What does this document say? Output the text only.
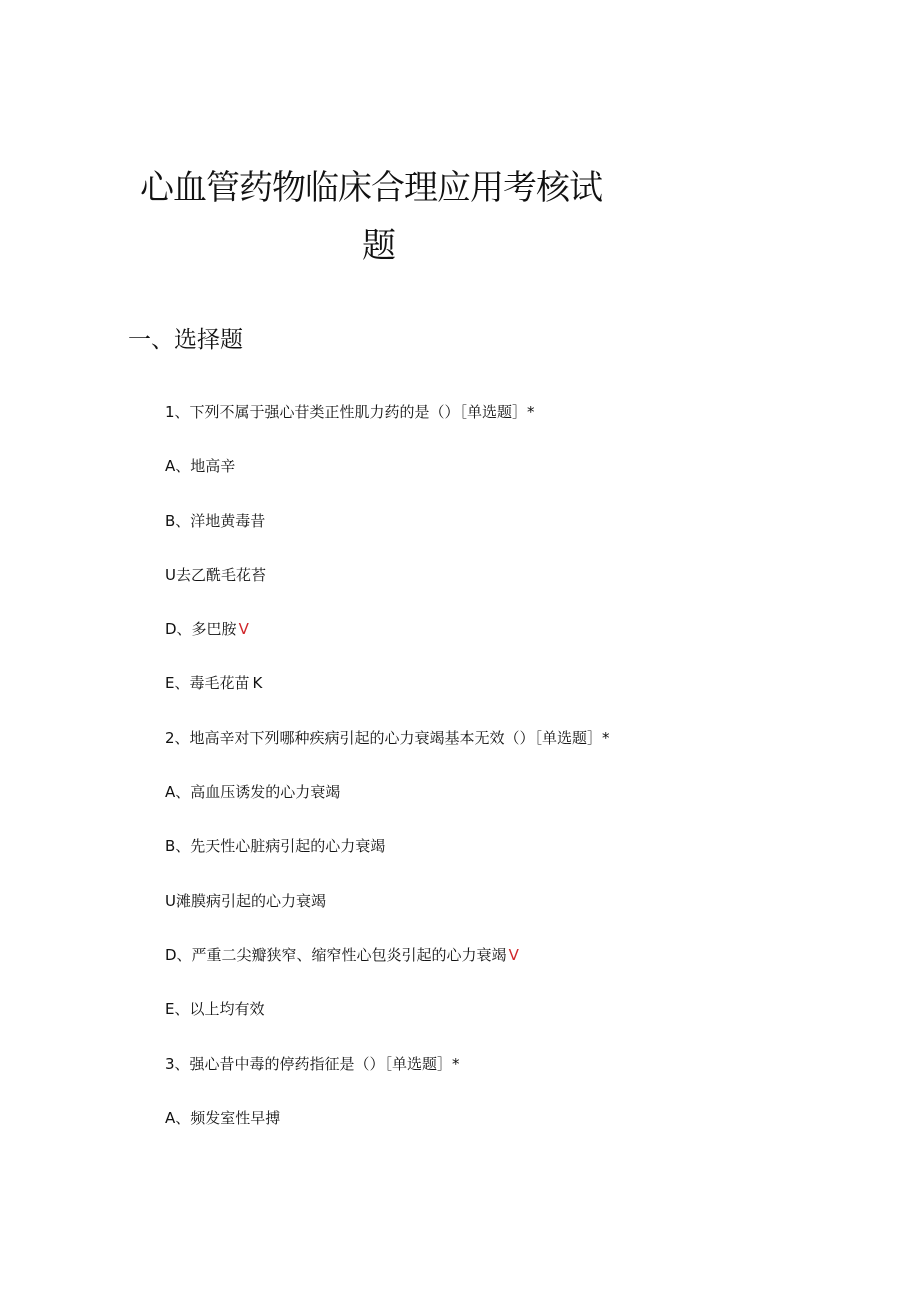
心血管药物临床合理应用考核试
题
一、选择题
1、下列不属于强心苷类正性肌力药的是（）［单选题］*
A、地高辛
B、洋地黄毒昔
U去乙酰毛花苔
D、多巴胺 V
E、毒毛花苗 K
2、地高辛对下列哪种疾病引起的心力衰竭基本无效（）［单选题］*
A、高血压诱发的心力衰竭
B、先天性心脏病引起的心力衰竭
U滩膜病引起的心力衰竭
D、严重二尖瓣狭窄、缩窄性心包炎引起的心力衰竭 V
E、以上均有效
3、强心昔中毒的停药指征是（）［单选题］*
A、频发室性早搏
